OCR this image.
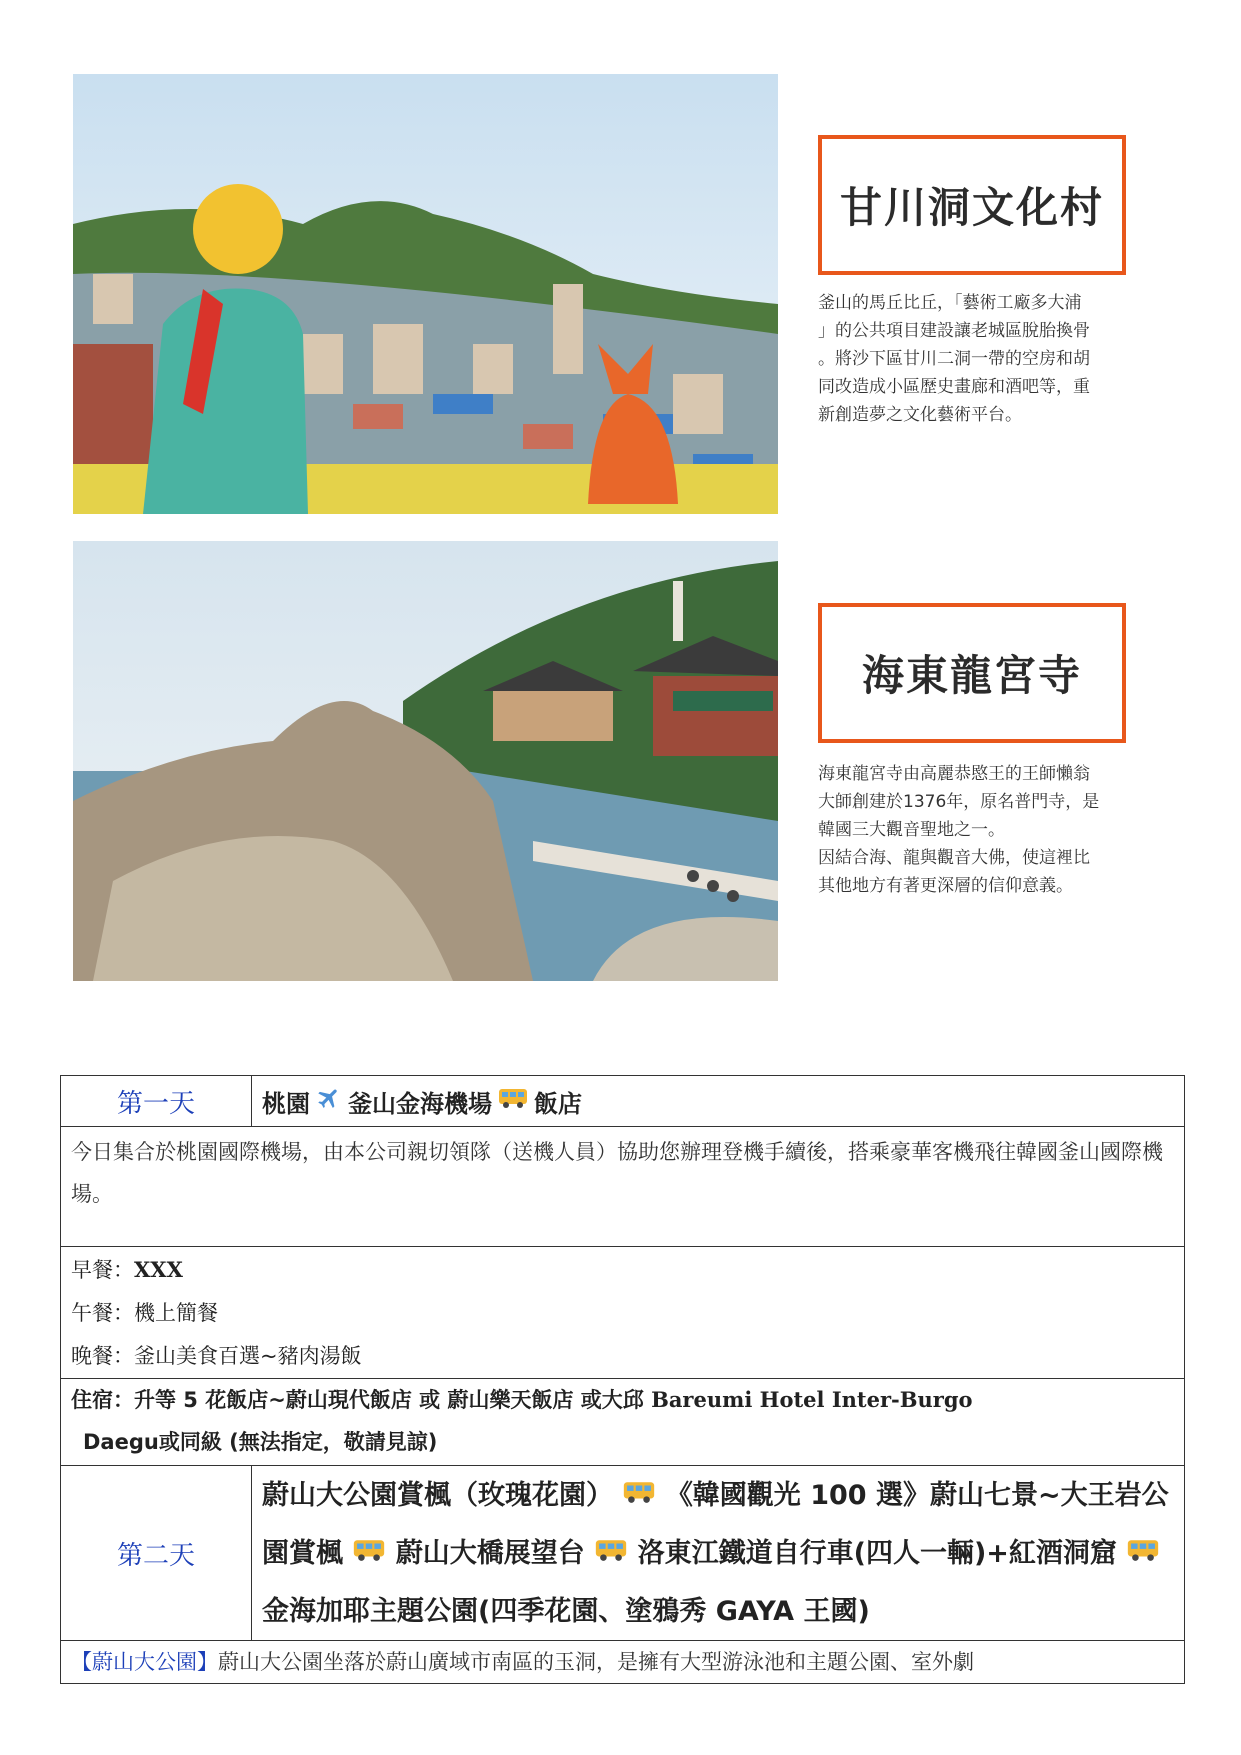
甘川洞文化村
釜山的馬丘比丘，「藝術工廠多大浦
」的公共項目建設讓老城區脫胎換骨
。將沙下區甘川二洞一帶的空房和胡
同改造成小區歷史畫廊和酒吧等，重
新創造夢之文化藝術平台。
海東龍宮寺
海東龍宮寺由高麗恭愍王的王師懶翁
大師創建於1376年，原名普門寺，是
韓國三大觀音聖地之一。
因結合海、龍與觀音大佛，使這裡比
其他地方有著更深層的信仰意義。
第一天	桃園 釜山金海機場 飯店

今日集合於桃園國際機場，由本公司親切領隊（送機人員）協助您辦理登機手續後，搭乘豪華客機飛往韓國釜山國際機場。	

早餐：XXX
午餐：機上簡餐
晚餐：釜山美食百選~豬肉湯飯	

住宿：升等 5 花飯店~蔚山現代飯店 或 蔚山樂天飯店 或大邱 Bareumi Hotel Inter-Burgo
Daegu或同級 (無法指定，敬請見諒)	

第二天	蔚山大公園賞楓（玫瑰花園） 《韓國觀光 100 選》蔚山七景~大王岩公園賞楓 蔚山大橋展望台 洛東江鐵道自行車(四人一輛)+紅酒洞窟  金海加耶主題公園(四季花園、塗鴉秀 GAYA 王國)
【蔚山大公園】蔚山大公園坐落於蔚山廣域市南區的玉洞，是擁有大型游泳池和主題公園、室外劇	
